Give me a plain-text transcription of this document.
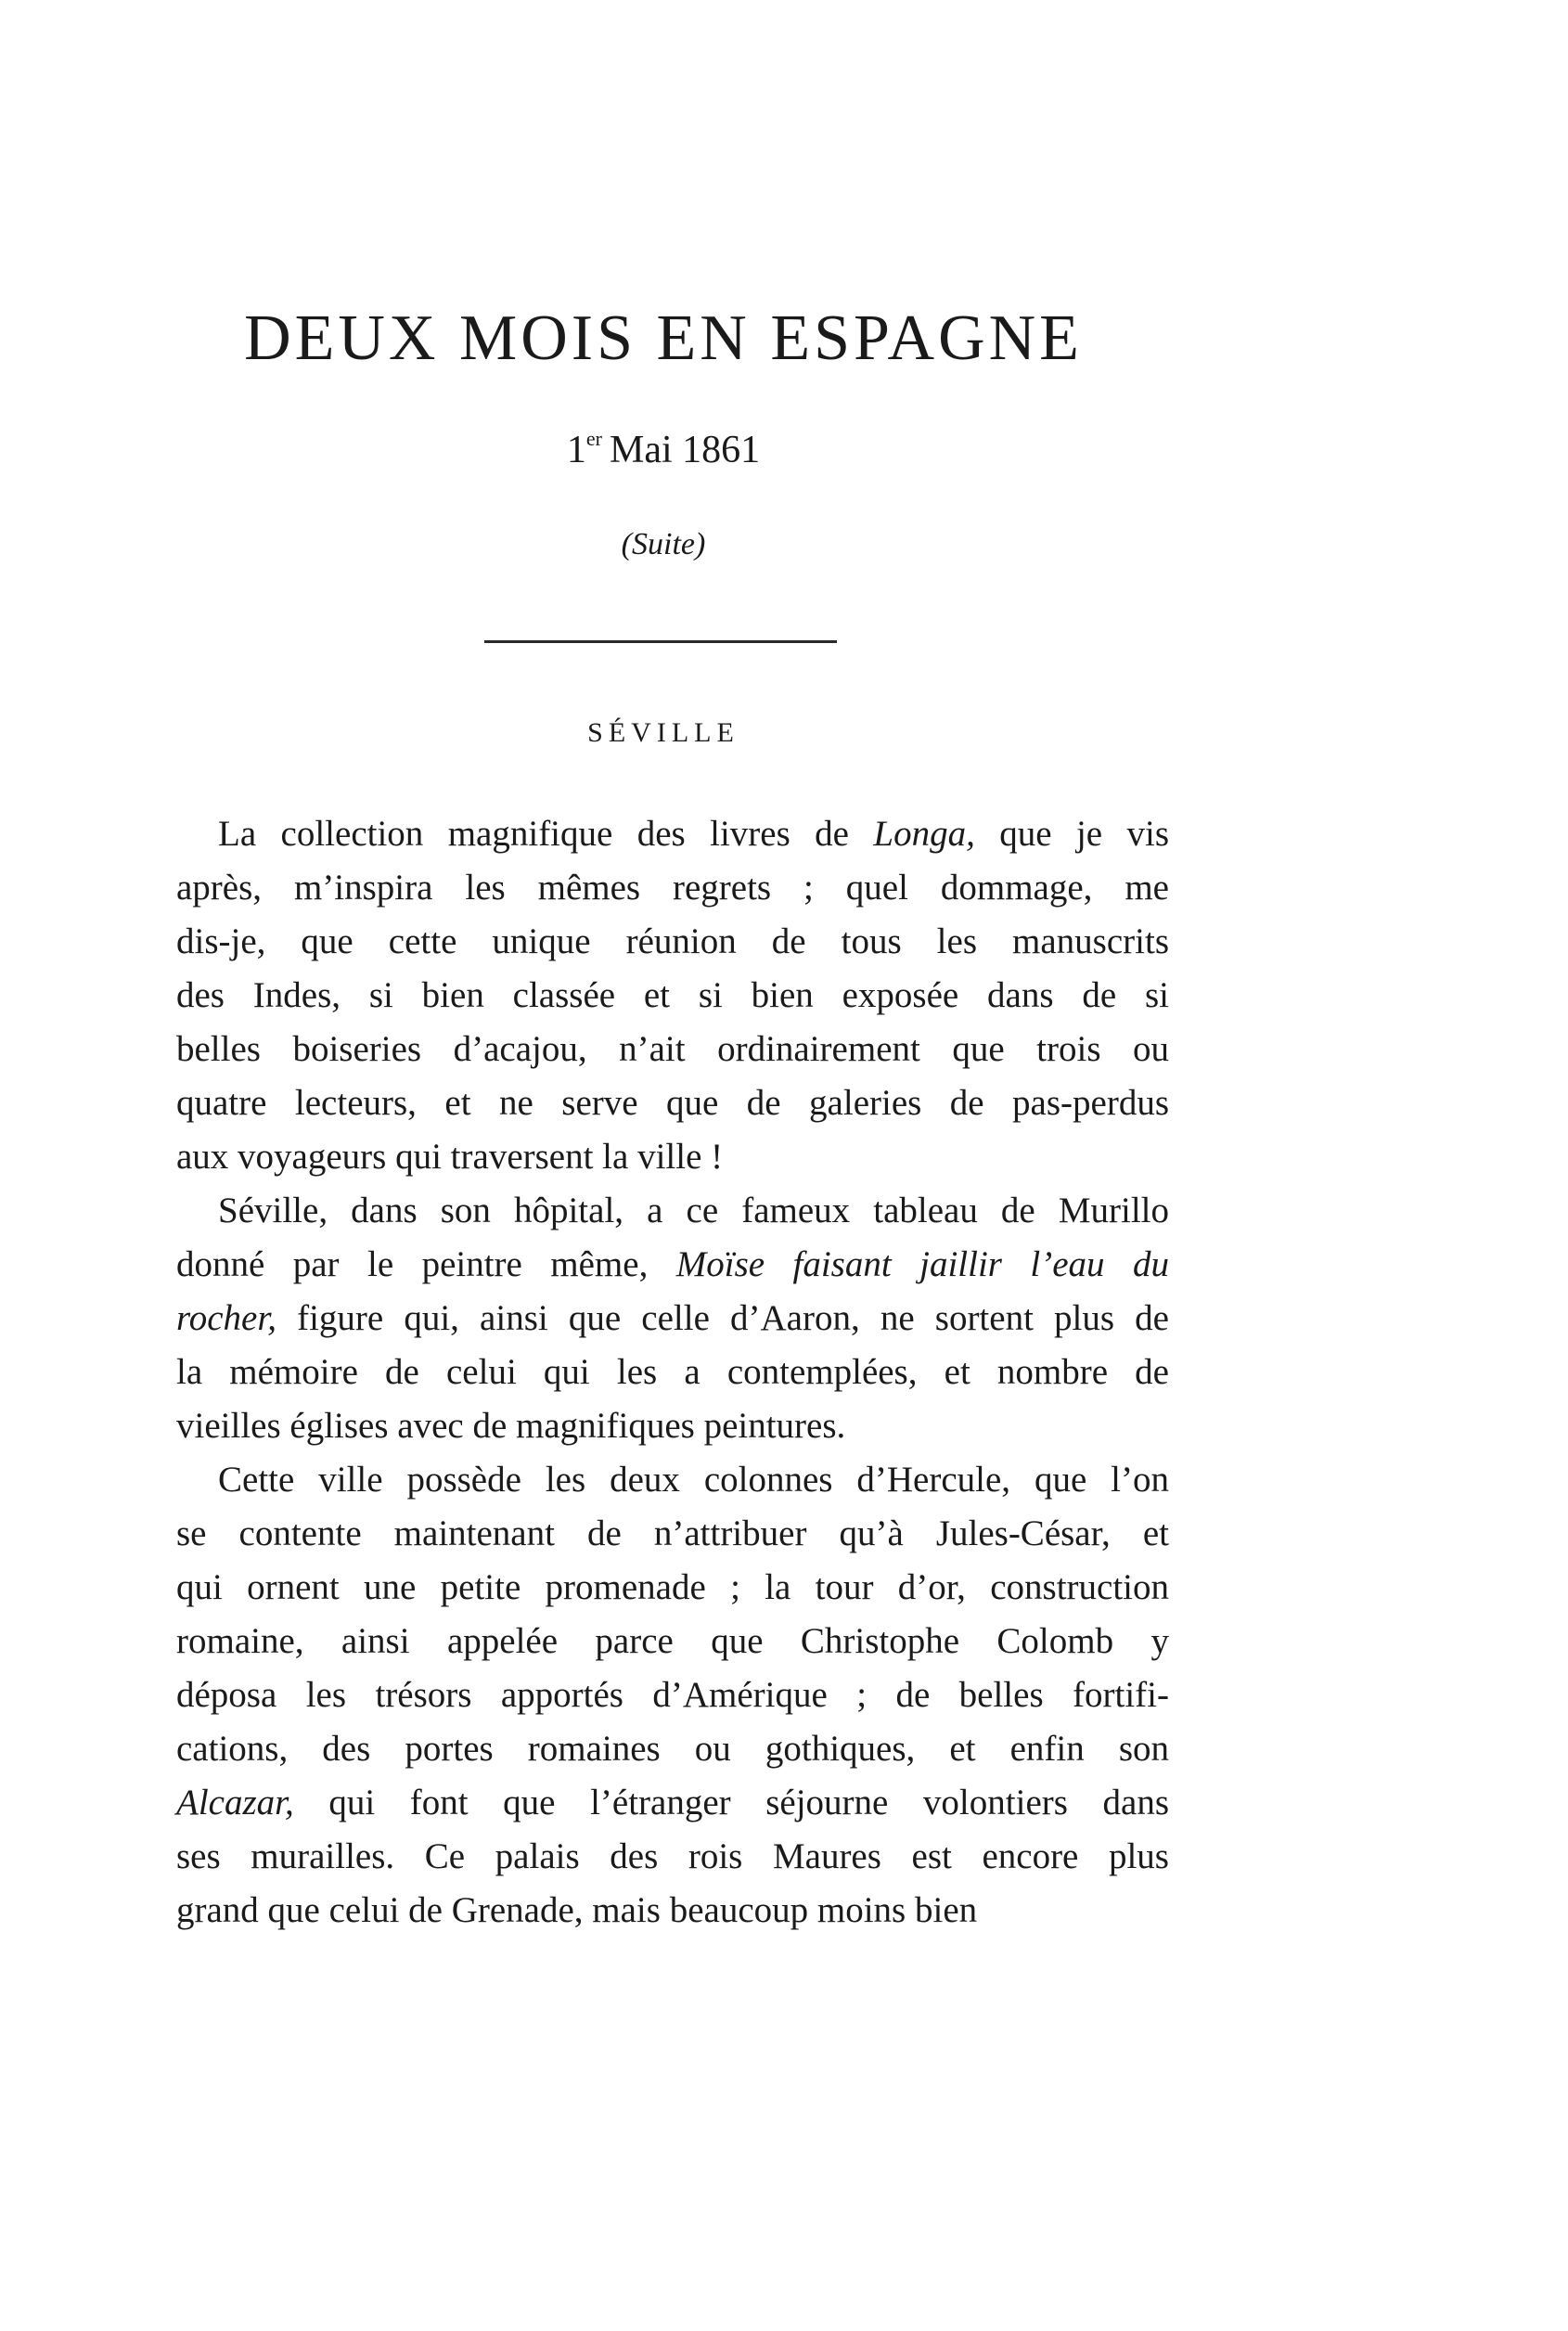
DEUX MOIS EN ESPAGNE
1er Mai 1861
(Suite)
SÉVILLE
La collection magnifique des livres de Longa, que je vis
après, m’inspira les mêmes regrets ; quel dommage, me
dis-je, que cette unique réunion de tous les manuscrits
des Indes, si bien classée et si bien exposée dans de si
belles boiseries d’acajou, n’ait ordinairement que trois ou
quatre lecteurs, et ne serve que de galeries de pas-perdus
aux voyageurs qui traversent la ville !
Séville, dans son hôpital, a ce fameux tableau de Murillo
donné par le peintre même, Moïse faisant jaillir l’eau du
rocher, figure qui, ainsi que celle d’Aaron, ne sortent plus de
la mémoire de celui qui les a contemplées, et nombre de
vieilles églises avec de magnifiques peintures.
Cette ville possède les deux colonnes d’Hercule, que l’on
se contente maintenant de n’attribuer qu’à Jules-César, et
qui ornent une petite promenade ; la tour d’or, construction
romaine, ainsi appelée parce que Christophe Colomb y
déposa les trésors apportés d’Amérique ; de belles fortifi-
cations, des portes romaines ou gothiques, et enfin son
Alcazar, qui font que l’étranger séjourne volontiers dans
ses murailles. Ce palais des rois Maures est encore plus
grand que celui de Grenade, mais beaucoup moins bien
